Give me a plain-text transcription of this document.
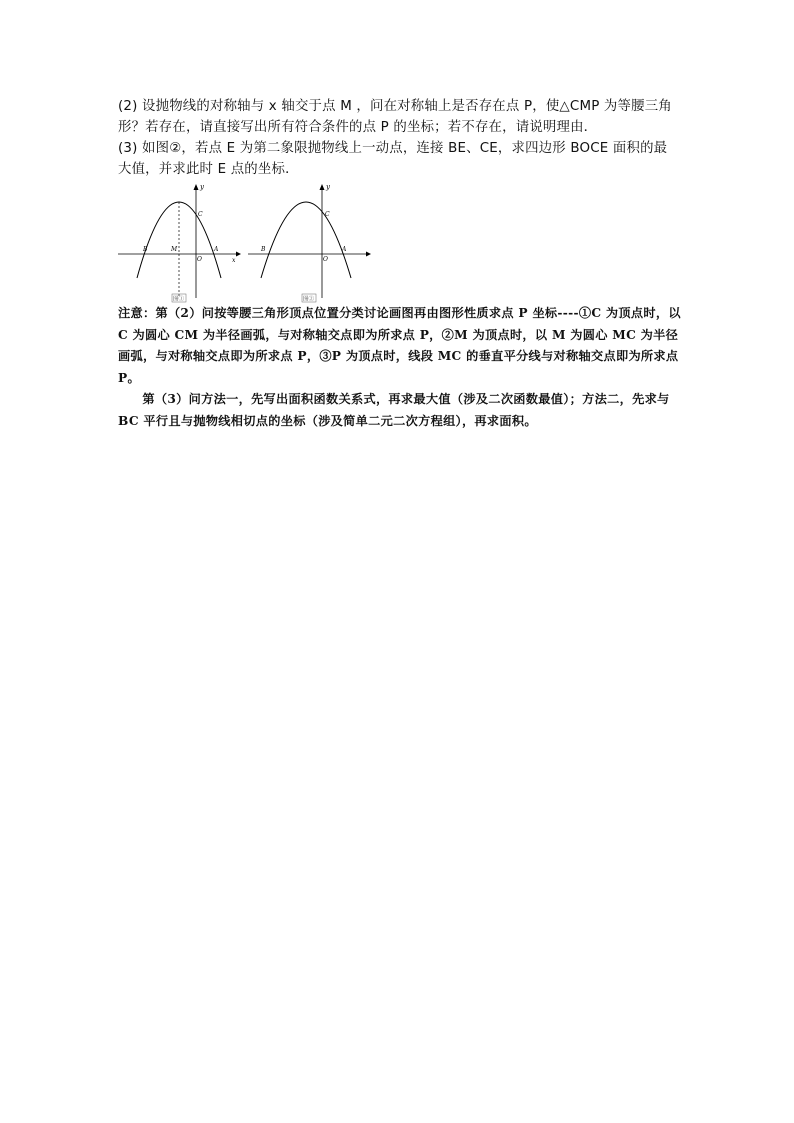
(2) 设抛物线的对称轴与 x 轴交于点 M ，问在对称轴上是否存在点 P，使△CMP 为等腰三角形？若存在，请直接写出所有符合条件的点 P 的坐标；若不存在，请说明理由．
(3) 如图②，若点 E 为第二象限抛物线上一动点，连接 BE、CE，求四边形 BOCE 面积的最大值，并求此时 E 点的坐标．
y
x
C
B	M	A
O
图①
y
C
B	A
O
图②
注意：第（2）问按等腰三角形顶点位置分类讨论画图再由图形性质求点 P 坐标----①C 为顶点时，以 C 为圆心 CM 为半径画弧，与对称轴交点即为所求点 P，②M 为顶点时，以 M 为圆心 MC 为半径画弧，与对称轴交点即为所求点 P，③P 为顶点时，线段 MC 的垂直平分线与对称轴交点即为所求点 P。
第（3）问方法一，先写出面积函数关系式，再求最大值（涉及二次函数最值）；方法二，先求与 BC 平行且与抛物线相切点的坐标（涉及简单二元二次方程组），再求面积。
